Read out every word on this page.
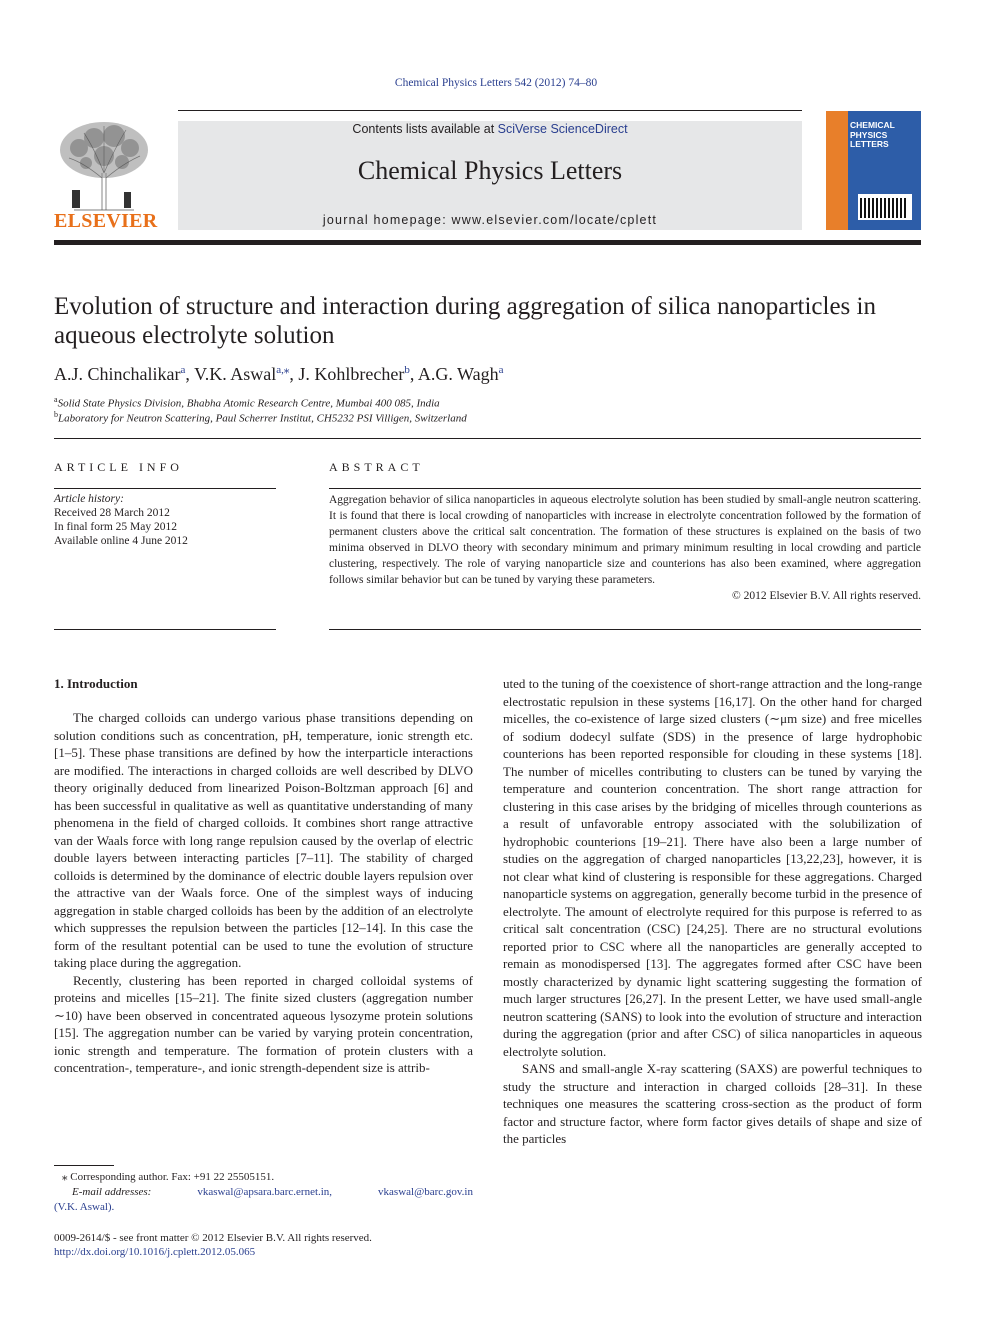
Chemical Physics Letters 542 (2012) 74–80
ELSEVIER
Contents lists available at SciVerse ScienceDirect
Chemical Physics Letters
journal homepage: www.elsevier.com/locate/cplett
CHEMICAL PHYSICS LETTERS
Evolution of structure and interaction during aggregation of silica nanoparticles in aqueous electrolyte solution
A.J. Chinchalikar$^a$, V.K. Aswal$^{a,⁎}$, J. Kohlbrecher$^b$, A.G. Wagh$^a$
$^a$Solid State Physics Division, Bhabha Atomic Research Centre, Mumbai 400 085, India
$^b$Laboratory for Neutron Scattering, Paul Scherrer Institut, CH5232 PSI Villigen, Switzerland
ARTICLE INFO
Article history:
Received 28 March 2012
In final form 25 May 2012
Available online 4 June 2012
ABSTRACT
Aggregation behavior of silica nanoparticles in aqueous electrolyte solution has been studied by small-angle neutron scattering. It is found that there is local crowding of nanoparticles with increase in electrolyte concentration followed by the formation of permanent clusters above the critical salt concentration. The formation of these structures is explained on the basis of two minima observed in DLVO theory with secondary minimum and primary minimum resulting in local crowding and particle clustering, respectively. The role of varying nanoparticle size and counterions has also been examined, where aggregation follows similar behavior but can be tuned by varying these parameters.
© 2012 Elsevier B.V. All rights reserved.
1. Introduction

The charged colloids can undergo various phase transitions depending on solution conditions such as concentration, pH, temperature, ionic strength etc. [1–5]. These phase transitions are defined by how the interparticle interactions are modified. The interactions in charged colloids are well described by DLVO theory originally deduced from linearized Poison-Boltzman approach [6] and has been successful in qualitative as well as quantitative understanding of many phenomena in the field of charged colloids. It combines short range attractive van der Waals force with long range repulsion caused by the overlap of electric double layers between interacting particles [7–11]. The stability of charged colloids is determined by the dominance of electric double layers repulsion over the attractive van der Waals force. One of the simplest ways of inducing aggregation in stable charged colloids has been by the addition of an electrolyte which suppresses the repulsion between the particles [12–14]. In this case the form of the resultant potential can be used to tune the evolution of structure taking place during the aggregation.

Recently, clustering has been reported in charged colloidal systems of proteins and micelles [15–21]. The finite sized clusters (aggregation number ∼10) have been observed in concentrated aqueous lysozyme protein solutions [15]. The aggregation number can be varied by varying protein concentration, ionic strength and temperature. The formation of protein clusters with a concentration-, temperature-, and ionic strength-dependent size is attrib-

uted to the tuning of the coexistence of short-range attraction and the long-range electrostatic repulsion in these systems [16,17]. On the other hand for charged micelles, the co-existence of large sized clusters (∼μm size) and free micelles of sodium dodecyl sulfate (SDS) in the presence of large hydrophobic counterions has been reported responsible for clouding in these systems [18]. The number of micelles contributing to clusters can be tuned by varying the temperature and counterion concentration. The short range attraction for clustering in this case arises by the bridging of micelles through counterions as a result of unfavorable entropy associated with the solubilization of hydrophobic counterions [19–21]. There have also been a large number of studies on the aggregation of charged nanoparticles [13,22,23], however, it is not clear what kind of clustering is responsible for these aggregations. Charged nanoparticle systems on aggregation, generally become turbid in the presence of electrolyte. The amount of electrolyte required for this purpose is referred to as critical salt concentration (CSC) [24,25]. There are no structural evolutions reported prior to CSC where all the nanoparticles are generally accepted to remain as monodispersed [13]. The aggregates formed after CSC have been mostly characterized by dynamic light scattering suggesting the formation of much larger structures [26,27]. In the present Letter, we have used small-angle neutron scattering (SANS) to look into the evolution of structure and interaction during the aggregation (prior and after CSC) of silica nanoparticles in aqueous electrolyte solution.

SANS and small-angle X-ray scattering (SAXS) are powerful techniques to study the structure and interaction in charged colloids [28–31]. In these techniques one measures the scattering cross-section as the product of form factor and structure factor, where form factor gives details of shape and size of the particles

⁎ Corresponding author. Fax: +91 22 25505151.
E-mail addresses:	vkaswal@apsara.barc.ernet.in,	vkaswal@barc.gov.in
(V.K. Aswal).
0009-2614/$ - see front matter © 2012 Elsevier B.V. All rights reserved.
http://dx.doi.org/10.1016/j.cplett.2012.05.065
